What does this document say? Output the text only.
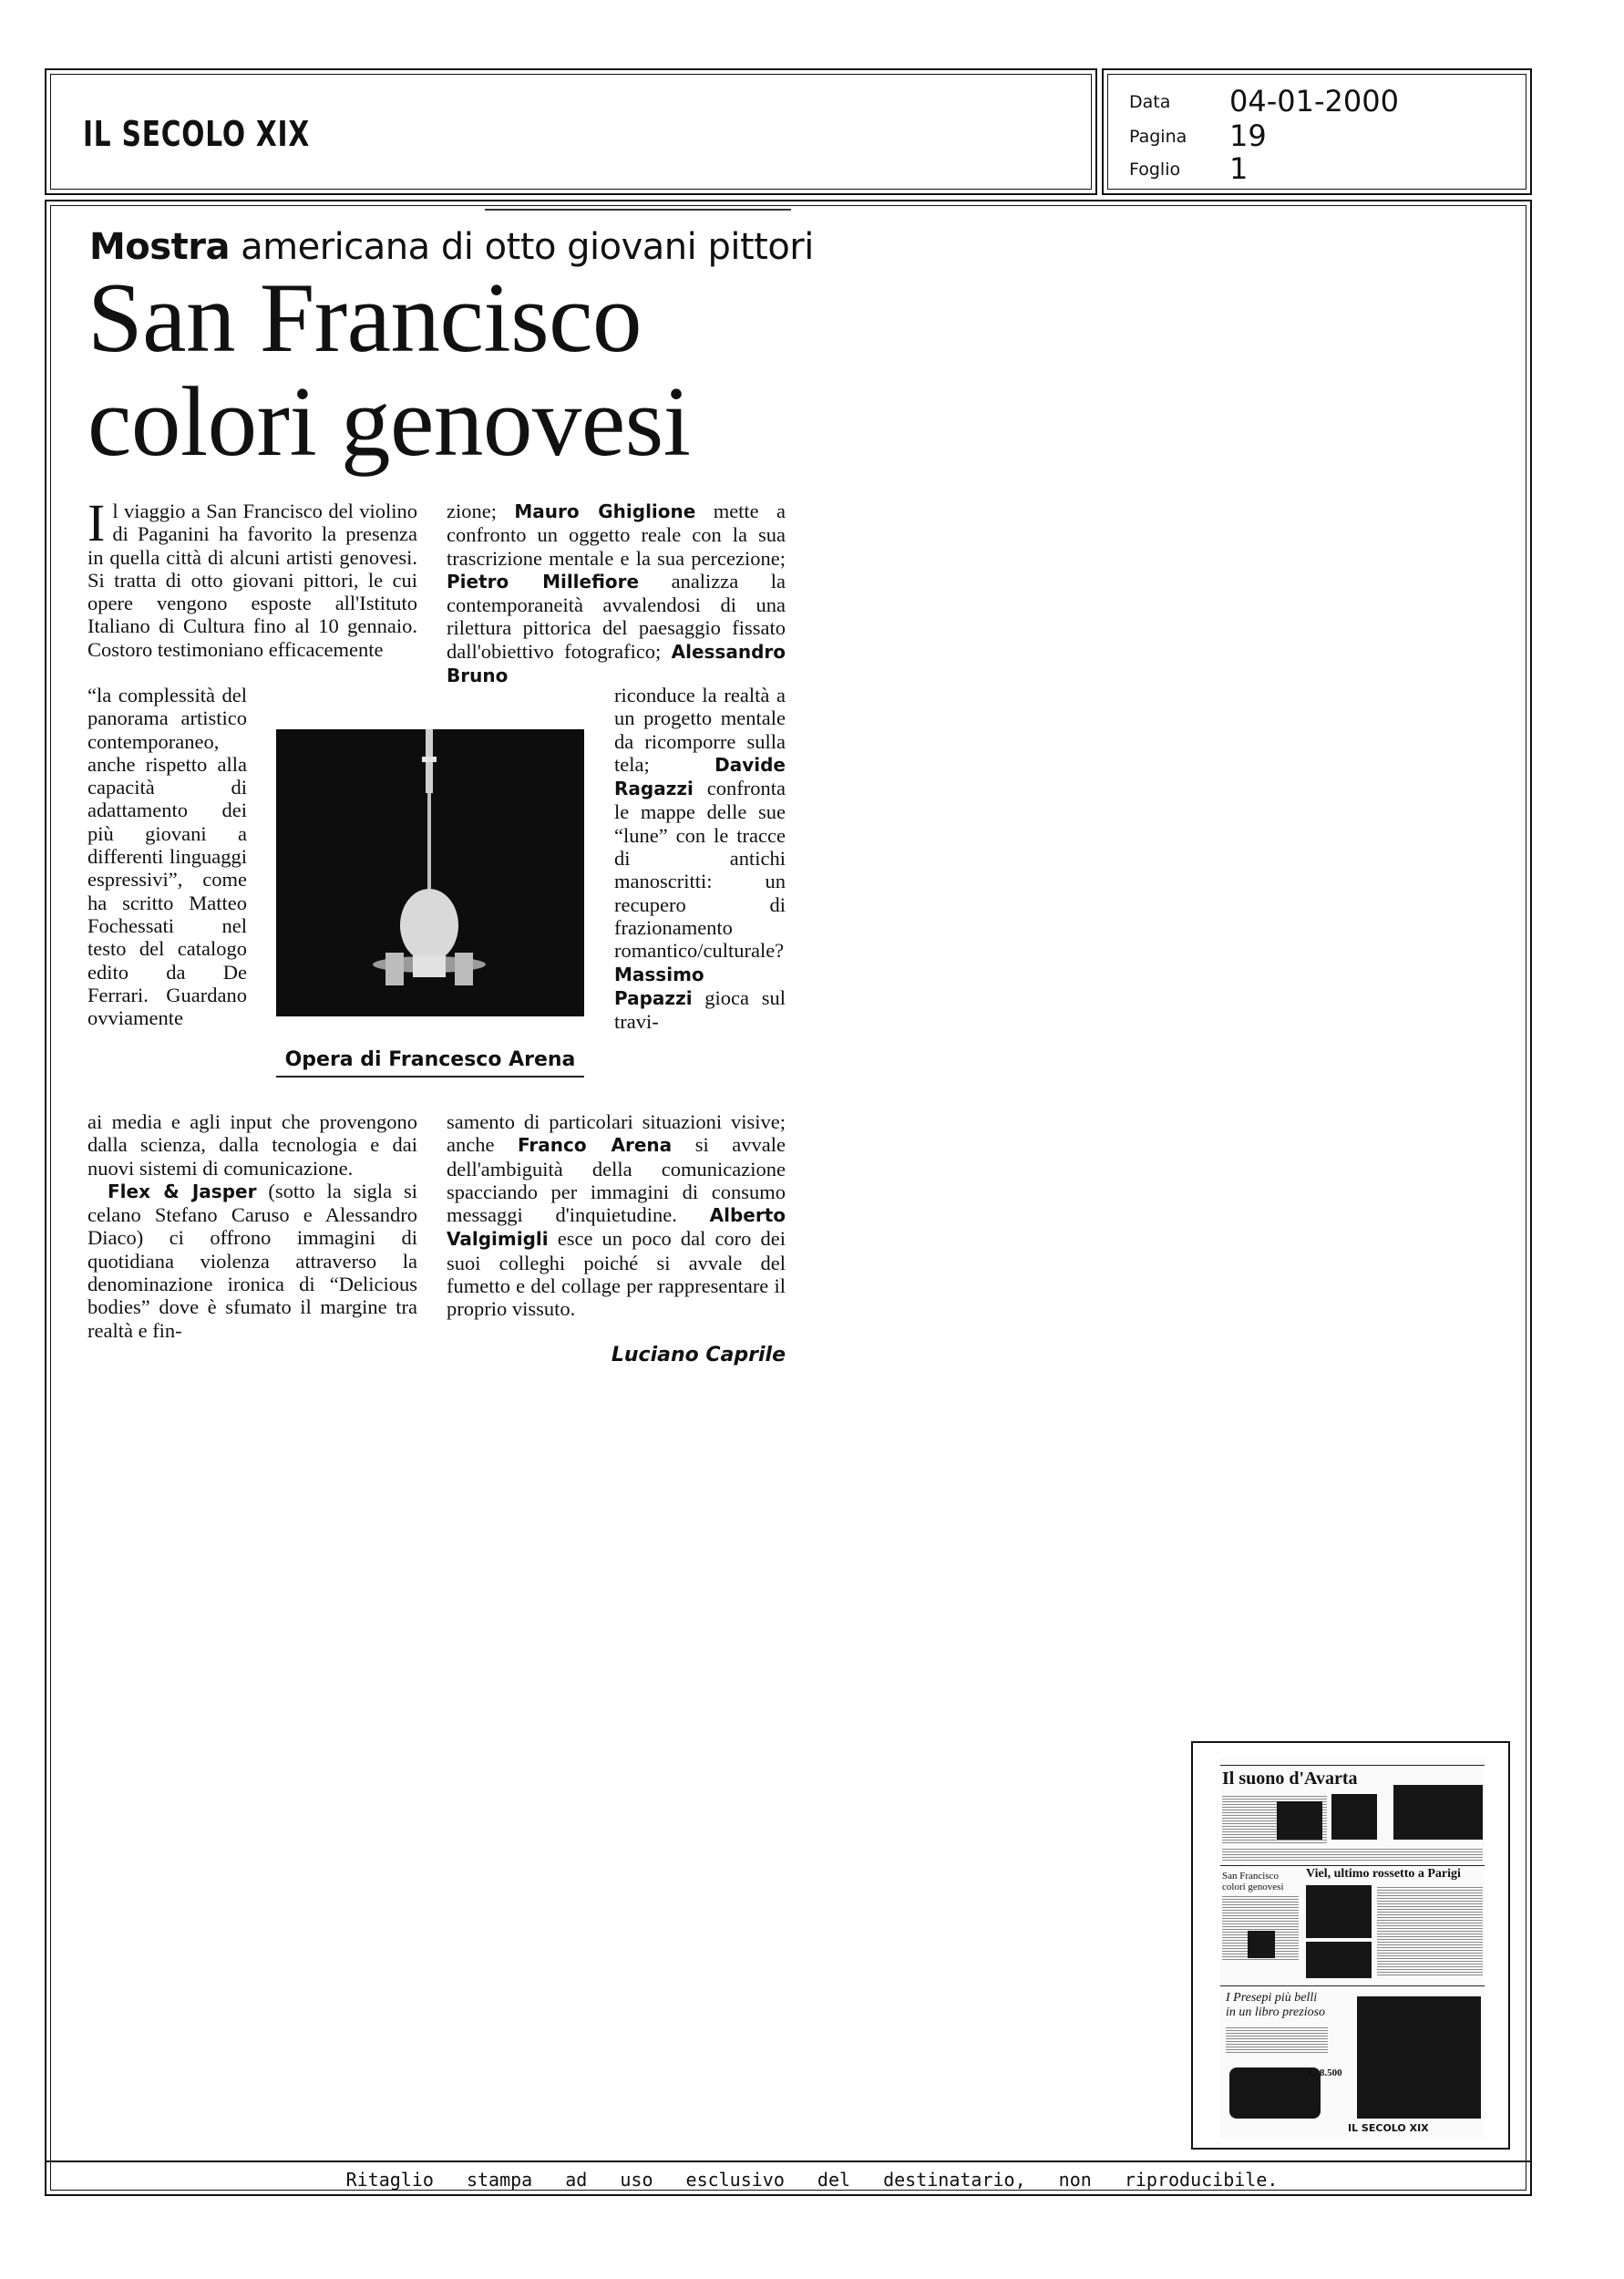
IL SECOLO XIX
Data 04-01-2000
Pagina 19
Foglio 1
Mostra americana di otto giovani pittori
San Francisco
colori genovesi

Il viaggio a San Francisco del violino di Paganini ha favorito la presenza in quella città di alcuni artisti genovesi. Si tratta di otto giovani pittori, le cui opere vengono esposte all'Istituto Italiano di Cultura fino al 10 gennaio. Costoro testimoniano efficacemente

“la complessità del panorama artistico contemporaneo, anche rispetto alla capacità di adattamento dei più giovani a differenti linguaggi espressivi”, come ha scritto Matteo Fochessati nel testo del catalogo edito da De Ferrari. Guardano ovviamente

ai media e agli input che provengono dalla scienza, dalla tecnologia e dai nuovi sistemi di comunicazione.

Flex & Jasper (sotto la sigla si celano Stefano Caruso e Alessandro Diaco) ci offrono immagini di quotidiana violenza attraverso la denominazione ironica di “Delicious bodies” dove è sfumato il margine tra realtà e fin-

zione; Mauro Ghiglione mette a confronto un oggetto reale con la sua trascrizione mentale e la sua percezione; Pietro Millefiore analizza la contemporaneità avvalendosi di una rilettura pittorica del paesaggio fissato dall'obiettivo fotografico; Alessandro Bruno

riconduce la realtà a un progetto mentale da ricomporre sulla tela; Davide Ragazzi confronta le mappe delle sue “lune” con le tracce di antichi manoscritti: un recupero di frazionamento romantico/culturale? Massimo Papazzi gioca sul travi-

samento di particolari situazioni visive; anche Franco Arena si avvale dell'ambiguità della comunicazione spacciando per immagini di consumo messaggi d'inquietudine. Alberto Valgimigli esce un poco dal coro dei suoi colleghi poiché si avvale del fumetto e del collage per rappresentare il proprio vissuto.

Luciano Caprile
Opera di Francesco Arena
Il suono d'Avarta
Viel, ultimo rossetto a Parigi
San Francisco colori genovesi
I Presepi più belli in un libro prezioso
L. 8.500
IL SECOLO XIX
Ritaglio stampa ad uso esclusivo del destinatario, non riproducibile.
